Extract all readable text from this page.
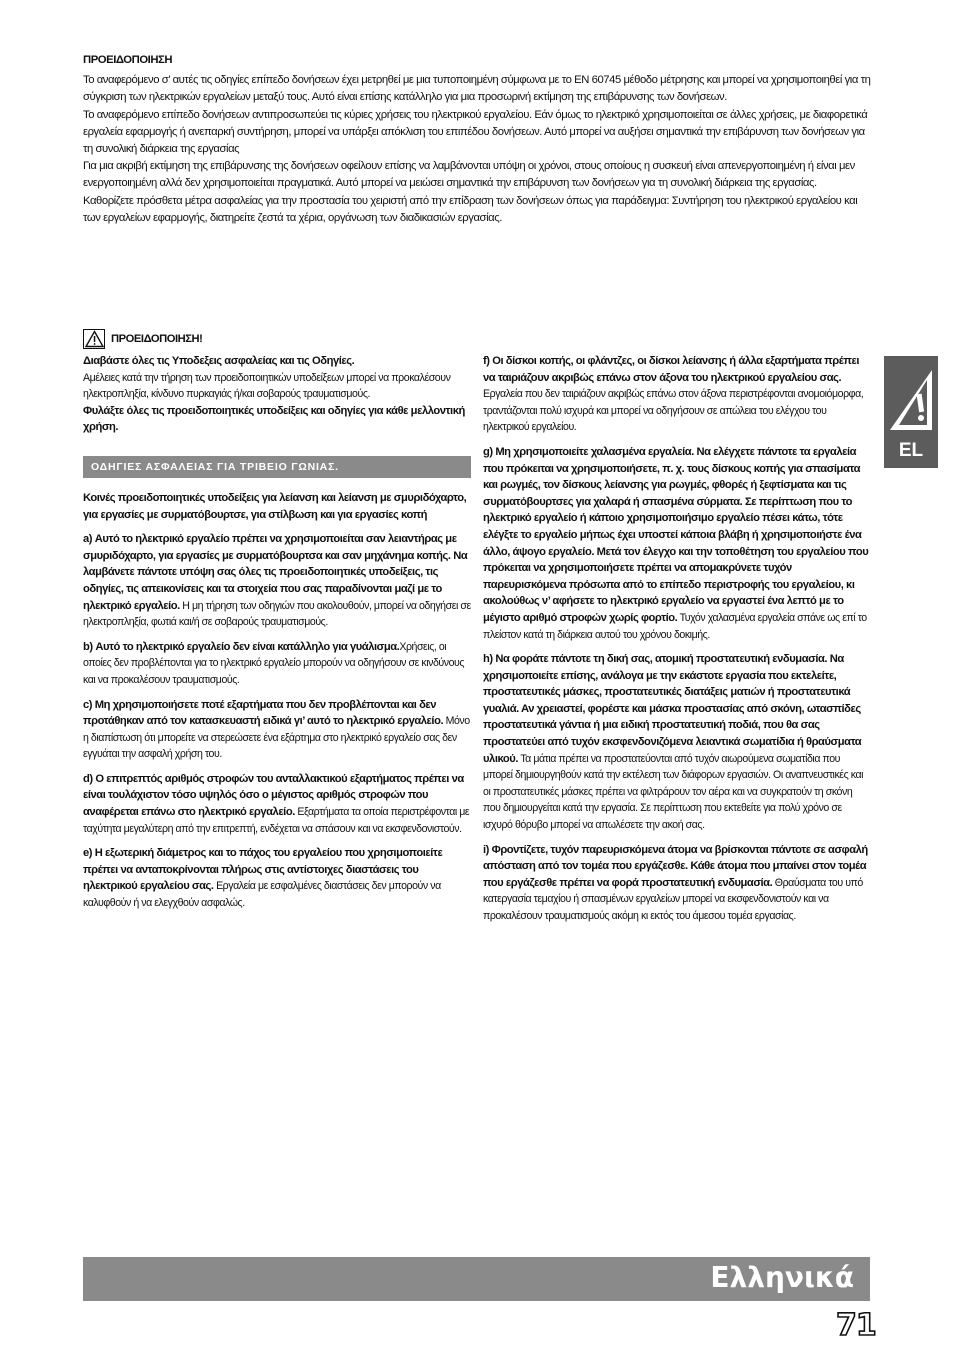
ΠΡΟΕΙΔΟΠΟΙΗΣΗ

Το αναφερόμενο σ’ αυτές τις οδηγίες επίπεδο δονήσεων έχει μετρηθεί με μια τυποποιημένη σύμφωνα με το EN 60745 μέθοδο μέτρησης και μπορεί να χρησιμοποιηθεί για τη σύγκριση των ηλεκτρικών εργαλείων μεταξύ τους. Αυτό είναι επίσης κατάλληλο για μια προσωρινή εκτίμηση της επιβάρυνσης των δονήσεων.

Το αναφερόμενο επίπεδο δονήσεων αντιπροσωπεύει τις κύριες χρήσεις του ηλεκτρικού εργαλείου. Εάν όμως το ηλεκτρικό χρησιμοποιείται σε άλλες χρήσεις, με διαφορετικά εργαλεία εφαρμογής ή ανεπαρκή συντήρηση, μπορεί να υπάρξει απόκλιση του επιπέδου δονήσεων. Αυτό μπορεί να αυξήσει σημαντικά την επιβάρυνση των δονήσεων για τη συνολική διάρκεια της εργασίας

Για μια ακριβή εκτίμηση της επιβάρυνσης της δονήσεων οφείλουν επίσης να λαμβάνονται υπόψη οι χρόνοι, στους οποίους η συσκευή είναι απενεργοποιημένη ή είναι μεν ενεργοποιημένη αλλά δεν χρησιμοποιείται πραγματικά. Αυτό μπορεί να μειώσει σημαντικά την επιβάρυνση των δονήσεων για τη συνολική διάρκεια της εργασίας.

Καθορίζετε πρόσθετα μέτρα ασφαλείας για την προστασία του χειριστή από την επίδραση των δονήσεων όπως για παράδειγμα: Συντήρηση του ηλεκτρικού εργαλείου και των εργαλείων εφαρμογής, διατηρείτε ζεστά τα χέρια, οργάνωση των διαδικασιών εργασίας.

ΠΡΟΕΙΔΟΠΟΙΗΣΗ!
Διαβάστε όλες τις Υποδεξεις ασφαλείας και τις Οδηγίες.
Αμέλειες κατά την τήρηση των προειδοποιητικών υποδείξεων μπορεί να προκαλέσουν ηλεκτροπληξία, κίνδυνο πυρκαγιάς ή/και σοβαρούς τραυματισμούς.
Φυλάξτε όλες τις προειδοποιητικές υποδείξεις και οδηγίες για κάθε μελλοντική χρήση.
ΟΔΗΓΙΕΣ ΑΣΦΑΛΕΙΑΣ ΓΙΑ ΤΡΙΒΕΙΟ ΓΩΝΙΑΣ.

Κοινές προειδοποιητικές υποδείξεις για λείανση και λείανση με σμυριδόχαρτο, για εργασίες με συρματόβουρτσε, για στίλβωση και για εργασίες κοπή

a) Αυτό το ηλεκτρικό εργαλείο πρέπει να χρησιμοποιείται σαν λειαντήρας με σμυριδόχαρτο, για εργασίες με συρματόβουρτσα και σαν μηχάνημα κοπής. Να λαμβάνετε πάντοτε υπόψη σας όλες τις προειδοποιητικές υποδείξεις, τις οδηγίες, τις απεικονίσεις και τα στοιχεία που σας παραδίνονται μαζί με το ηλεκτρικό εργαλείο. Η μη τήρηση των οδηγιών που ακολουθούν, μπορεί να οδηγήσει σε ηλεκτροπληξία, φωτιά και/ή σε σοβαρούς τραυματισμούς.

b) Αυτό το ηλεκτρικό εργαλείο δεν είναι κατάλληλο για γυάλισμα.Χρήσεις, οι οποίες δεν προβλέπονται για το ηλεκτρικό εργαλείο μπορούν να οδηγήσουν σε κινδύνους και να προκαλέσουν τραυματισμούς.

c) Μη χρησιμοποιήσετε ποτέ εξαρτήματα που δεν προβλέπονται και δεν προτάθηκαν από τον κατασκευαστή ειδικά γι’ αυτό το ηλεκτρικό εργαλείο. Μόνο η διαπίστωση ότι μπορείτε να στερεώσετε ένα εξάρτημα στο ηλεκτρικό εργαλείο σας δεν εγγυάται την ασφαλή χρήση του.

d) Ο επιτρεπτός αριθμός στροφών του ανταλλακτικού εξαρτήματος πρέπει να είναι τουλάχιστον τόσο υψηλός όσο ο μέγιστος αριθμός στροφών που αναφέρεται επάνω στο ηλεκτρικό εργαλείο. Εξαρτήματα τα οποία περιστρέφονται με ταχύτητα μεγαλύτερη από την επιτρεπτή, ενδέχεται να σπάσουν και να εκσφενδονιστούν.

e) Η εξωτερική διάμετρος και το πάχος του εργαλείου που χρησιμοποιείτε πρέπει να ανταποκρίνονται πλήρως στις αντίστοιχες διαστάσεις του ηλεκτρικού εργαλείου σας. Εργαλεία με εσφαλμένες διαστάσεις δεν μπορούν να καλυφθούν ή να ελεγχθούν ασφαλώς.

f) Οι δίσκοι κοπής, οι φλάντζες, οι δίσκοι λείανσης ή άλλα εξαρτήματα πρέπει να ταιριάζουν ακριβώς επάνω στον άξονα του ηλεκτρικού εργαλείου σας. Εργαλεία που δεν ταιριάζουν ακριβώς επάνω στον άξονα περιστρέφονται ανομοιόμορφα, τραντάζονται πολύ ισχυρά και μπορεί να οδηγήσουν σε απώλεια του ελέγχου του ηλεκτρικού εργαλείου.

g) Μη χρησιμοποιείτε χαλασμένα εργαλεία. Να ελέγχετε πάντοτε τα εργαλεία που πρόκειται να χρησιμοποιήσετε, π. χ. τους δίσκους κοπής για σπασίματα και ρωγμές, τον δίσκους λείανσης για ρωγμές, φθορές ή ξεφτίσματα και τις συρματόβουρτσες για χαλαρά ή σπασμένα σύρματα. Σε περίπτωση που το ηλεκτρικό εργαλείο ή κάποιο χρησιμοποιήσιμο εργαλείο πέσει κάτω, τότε ελέγξτε το εργαλείο μήπως έχει υποστεί κάποια βλάβη ή χρησιμοποιήστε ένα άλλο, άψογο εργαλείο. Μετά τον έλεγχο και την τοποθέτηση του εργαλείου που πρόκειται να χρησιμοποιήσετε πρέπει να απομακρύνετε τυχόν παρευρισκόμενα πρόσωπα από το επίπεδο περιστροφής του εργαλείου, κι ακολούθως ν’ αφήσετε το ηλεκτρικό εργαλείο να εργαστεί ένα λεπτό με το μέγιστο αριθμό στροφών χωρίς φορτίο. Τυχόν χαλασμένα εργαλεία σπάνε ως επί το πλείστον κατά τη διάρκεια αυτού του χρόνου δοκιμής.

h) Να φοράτε πάντοτε τη δική σας, ατομική προστατευτική ενδυμασία. Να χρησιμοποιείτε επίσης, ανάλογα με την εκάστοτε εργασία που εκτελείτε, προστατευτικές μάσκες, προστατευτικές διατάξεις ματιών ή προστατευτικά γυαλιά. Αν χρειαστεί, φορέστε και μάσκα προστασίας από σκόνη, ωτασπίδες προστατευτικά γάντια ή μια ειδική προστατευτική ποδιά, που θα σας προστατεύει από τυχόν εκσφενδονιζόμενα λειαντικά σωματίδια ή θραύσματα υλικού. Τα μάτια πρέπει να προστατεύονται από τυχόν αιωρούμενα σωματίδια που μπορεί δημιουργηθούν κατά την εκτέλεση των διάφορων εργασιών. Οι αναπνευστικές και οι προστατευτικές μάσκες πρέπει να φιλτράρουν τον αέρα και να συγκρατούν τη σκόνη που δημιουργείται κατά την εργασία. Σε περίπτωση που εκτεθείτε για πολύ χρόνο σε ισχυρό θόρυβο μπορεί να απωλέσετε την ακοή σας.

i) Φροντίζετε, τυχόν παρευρισκόμενα άτομα να βρίσκονται πάντοτε σε ασφαλή απόσταση από τον τομέα που εργάζεσθε. Κάθε άτομα που μπαίνει στον τομέα που εργάζεσθε πρέπει να φορά προστατευτική ενδυμασία. Θραύσματα του υπό κατεργασία τεμαχίου ή σπασμένων εργαλείων μπορεί να εκσφενδονιστούν και να προκαλέσουν τραυματισμούς ακόμη κι εκτός του άμεσου τομέα εργασίας.

EL
Ελληνικά
71
